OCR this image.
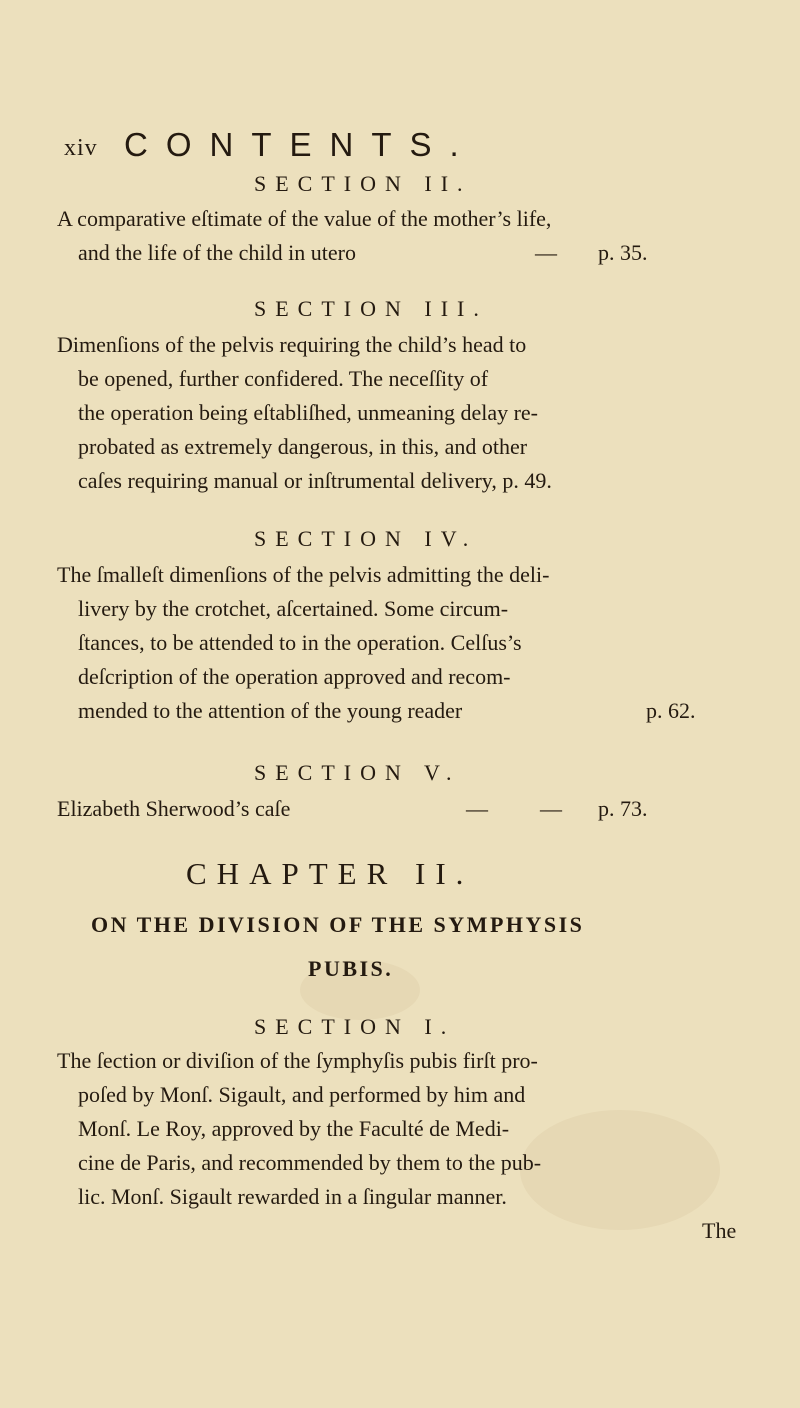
xiv CONTENTS.
SECTION II.
A comparative eſtimate of the value of the mother’s life,
and the life of the child in utero	— p. 35.
SECTION III.
Dimenſions of the pelvis requiring the child’s head to
be opened, further confidered. The neceſſity of
the operation being eſtabliſhed, unmeaning delay re-
probated as extremely dangerous, in this, and other
caſes requiring manual or inſtrumental delivery, p. 49.
SECTION IV.
The ſmalleſt dimenſions of the pelvis admitting the deli-
livery by the crotchet, aſcertained. Some circum-
ſtances, to be attended to in the operation. Celſus’s
deſcription of the operation approved and recom-
mended to the attention of the young reader	p. 62.
SECTION V.
Elizabeth Sherwood’s caſe	— — p. 73.
CHAPTER II.
ON THE DIVISION OF THE SYMPHYSIS
PUBIS.
SECTION I.
The ſection or diviſion of the ſymphyſis pubis firſt pro-
poſed by Monſ. Sigault, and performed by him and
Monſ. Le Roy, approved by the Faculté de Medi-
cine de Paris, and recommended by them to the pub-
lic. Monſ. Sigault rewarded in a ſingular manner.
The
